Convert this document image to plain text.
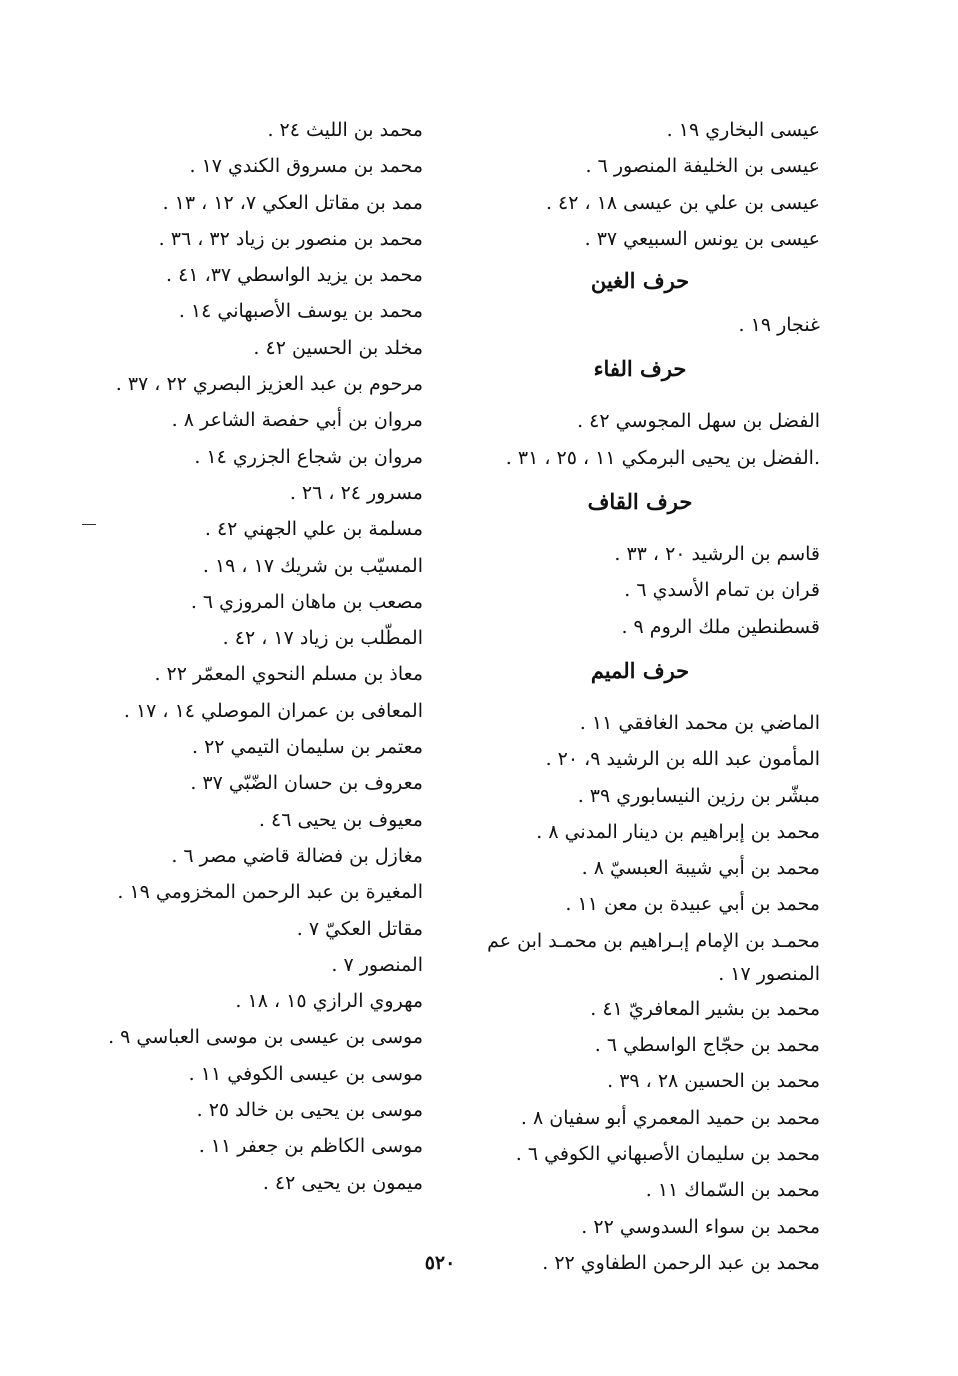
عيسى البخاري ١٩ .
عيسى بن الخليفة المنصور ٦ .
عيسى بن علي بن عيسى ١٨ ، ٤٢ .
عيسى بن يونس السبيعي ٣٧ .
حرف الغين
غنجار ١٩ .
حرف الفاء
الفضل بن سهل المجوسي ٤٢ .
.الفضل بن يحيى البرمكي ١١ ، ٢٥ ، ٣١ .
حرف القاف
قاسم بن الرشيد ٢٠ ، ٣٣ .
قران بن تمام الأسدي ٦ .
قسطنطين ملك الروم ٩ .
حرف الميم
الماضي بن محمد الغافقي ١١ .
المأمون عبد الله بن الرشيد ٩، ٢٠ .
مبشّر بن رزين النيسابوري ٣٩ .
محمد بن إبراهيم بن دينار المدني ٨ .
محمد بن أبي شيبة العبسيّ ٨ .
محمد بن أبي عبيدة بن معن ١١ .
محمـد بن الإمام إبـراهيم بن محمـد ابن عم المنصور ١٧ .
محمد بن بشير المعافريّ ٤١ .
محمد بن حجّاج الواسطي ٦ .
محمد بن الحسين ٢٨ ، ٣٩ .
محمد بن حميد المعمري أبو سفيان ٨ .
محمد بن سليمان الأصبهاني الكوفي ٦ .
محمد بن السّماك ١١ .
محمد بن سواء السدوسي ٢٢ .
محمد بن عبد الرحمن الطفاوي ٢٢ .
محمد بن الليث ٢٤ .
محمد بن مسروق الكندي ١٧ .
ممد بن مقاتل العكي ٧، ١٢ ، ١٣ .
محمد بن منصور بن زياد ٣٢ ، ٣٦ .
محمد بن يزيد الواسطي ٣٧، ٤١ .
محمد بن يوسف الأصبهاني ١٤ .
مخلد بن الحسين ٤٢ .
مرحوم بن عبد العزيز البصري ٢٢ ، ٣٧ .
مروان بن أبي حفصة الشاعر ٨ .
مروان بن شجاع الجزري ١٤ .
مسرور ٢٤ ، ٢٦ .
مسلمة بن علي الجهني ٤٢ .
المسيّب بن شريك ١٧ ، ١٩ .
مصعب بن ماهان المروزي ٦ .
المطّلب بن زياد ١٧ ، ٤٢ .
معاذ بن مسلم النحوي المعمّر ٢٢ .
المعافى بن عمران الموصلي ١٤ ، ١٧ .
معتمر بن سليمان التيمي ٢٢ .
معروف بن حسان الضّبّي ٣٧ .
معيوف بن يحيى ٤٦ .
مغازل بن فضالة قاضي مصر ٦ .
المغيرة بن عبد الرحمن المخزومي ١٩ .
مقاتل العكيّ ٧ .
المنصور ٧ .
مهروي الرازي ١٥ ، ١٨ .
موسى بن عيسى بن موسى العباسي ٩ .
موسى بن عيسى الكوفي ١١ .
موسى بن يحيى بن خالد ٢٥ .
موسى الكاظم بن جعفر ١١ .
ميمون بن يحيى ٤٢ .
٥٢٠
